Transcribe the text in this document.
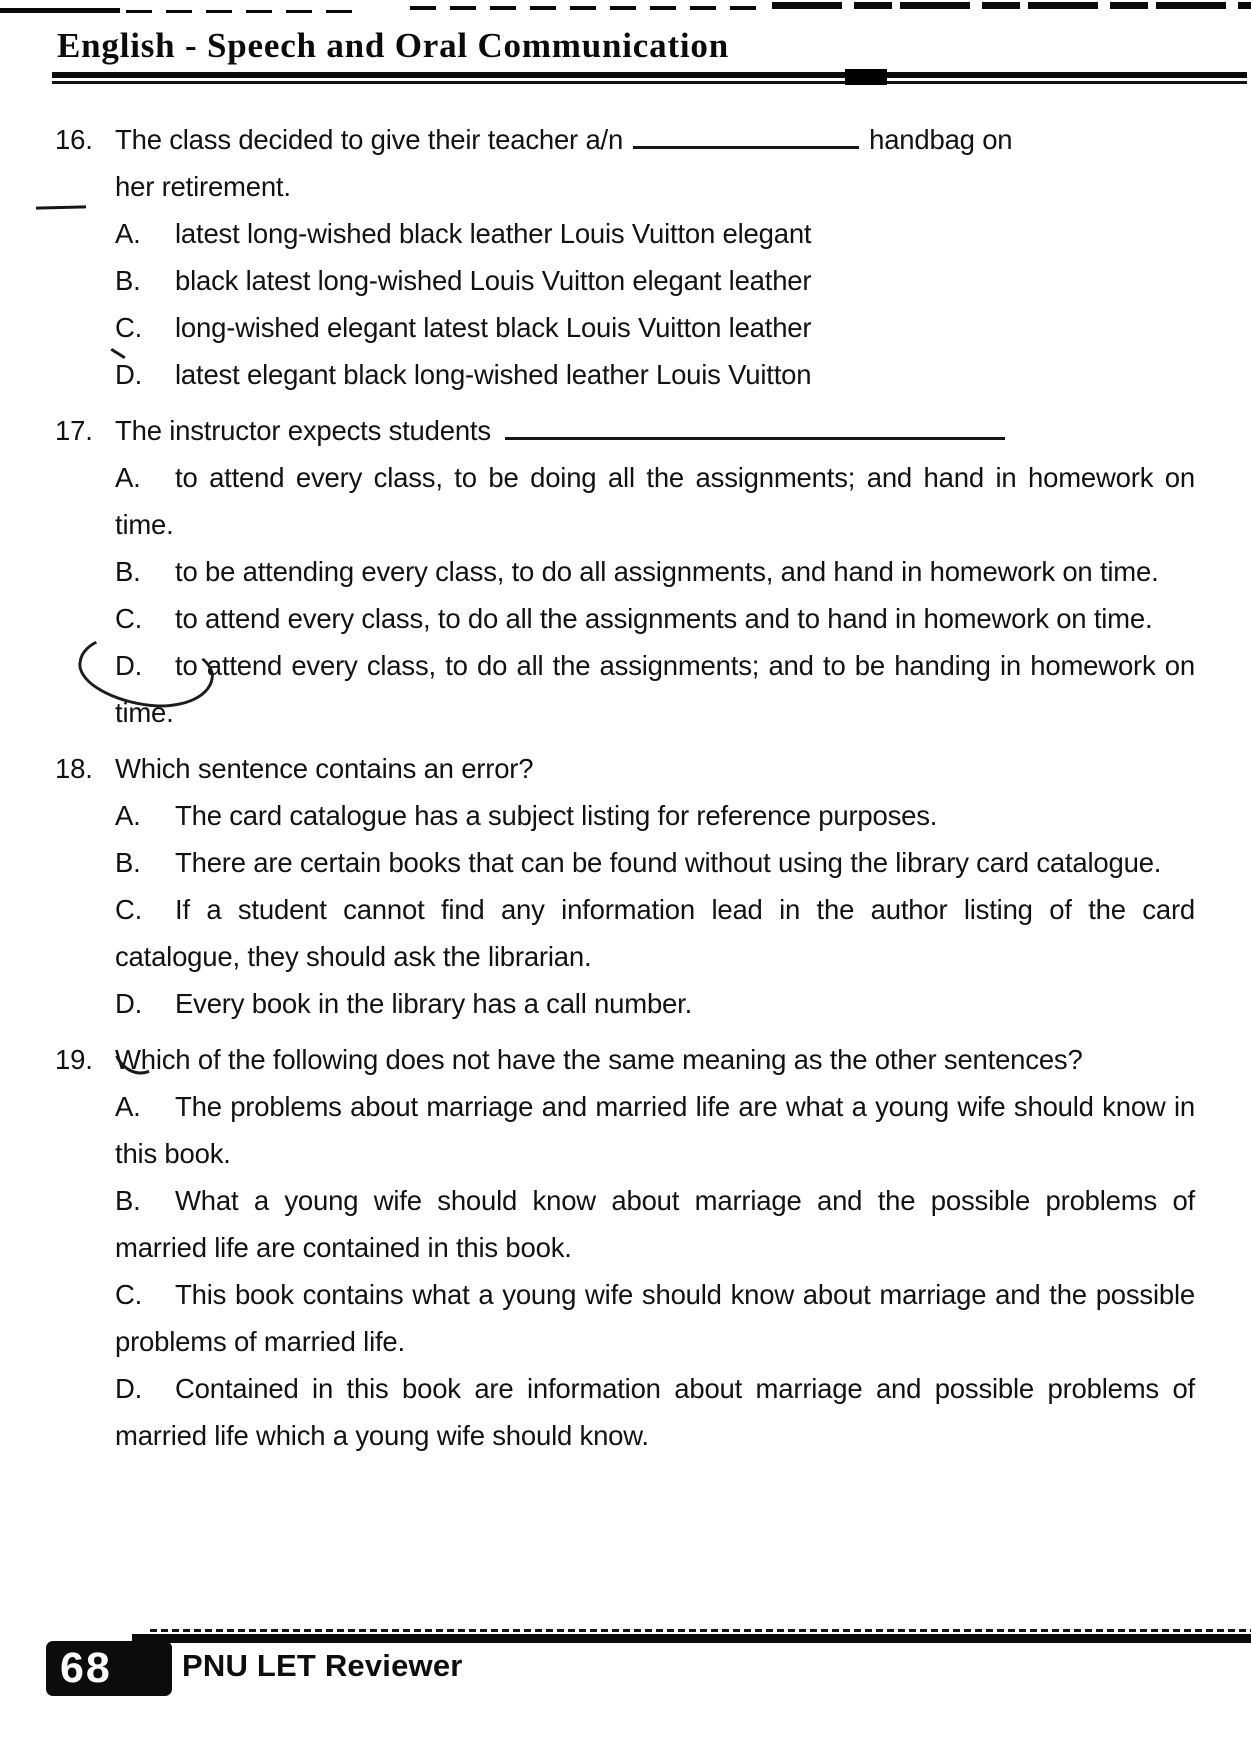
English - Speech and Oral Communication
16. The class decided to give their teacher a/n	handbag on
her retirement.
A. latest long-wished black leather Louis Vuitton elegant
B. black latest long-wished Louis Vuitton elegant leather
C. long-wished elegant latest black Louis Vuitton leather
D. latest elegant black long-wished leather Louis Vuitton
17. The instructor expects students
A. to attend every class, to be doing all the assignments; and hand in homework on time.
B. to be attending every class, to do all assignments, and hand in homework on time.
C. to attend every class, to do all the assignments and to hand in homework on time.
D. to attend every class, to do all the assignments; and to be handing in homework on time.
18. Which sentence contains an error?
A. The card catalogue has a subject listing for reference purposes.
B. There are certain books that can be found without using the library card catalogue.
C. If a student cannot find any information lead in the author listing of the card catalogue, they should ask the librarian.
D. Every book in the library has a call number.
19. Which of the following does not have the same meaning as the other sentences?
A. The problems about marriage and married life are what a young wife should know in this book.
B. What a young wife should know about marriage and the possible problems of married life are contained in this book.
C. This book contains what a young wife should know about marriage and the possible problems of married life.
D. Contained in this book are information about marriage and possible problems of married life which a young wife should know.
68	PNU LET Reviewer
